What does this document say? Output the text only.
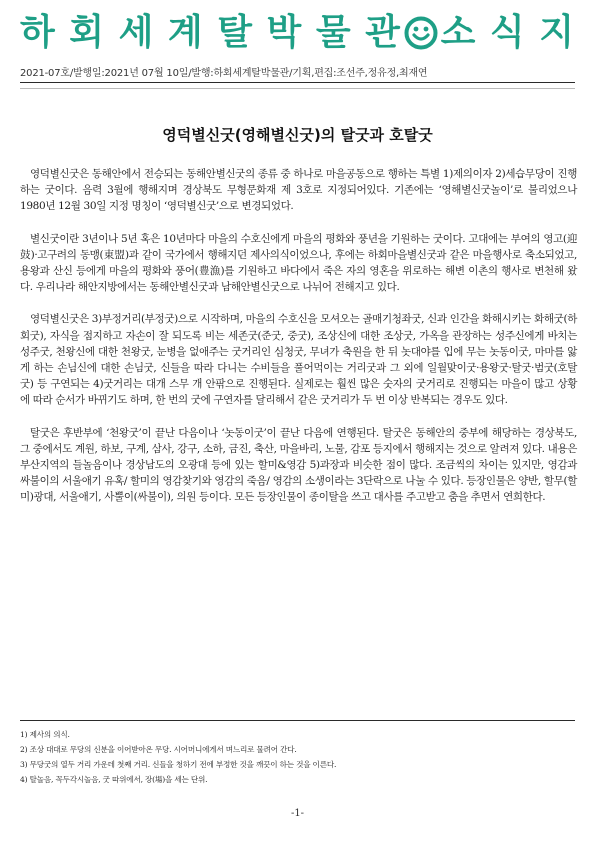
하 회 세 계 탈 박 물 관 소 식 지
2021-07호/발행일:2021년 07월 10일/발행:하회세계탈박물관/기획,편집:조선주,정유정,최재연
영덕별신굿(영해별신굿)의 탈굿과 호탈굿

영덕별신굿은 동해안에서 전승되는 동해안별신굿의 종류 중 하나로 마을공동으로 행하는 특별 1)제의이자 2)세습무당이 진행하는 굿이다. 음력 3월에 행해지며 경상북도 무형문화재 제 3호로 지정되어있다. 기존에는 ‘영해별신굿놀이’로 불리었으나 1980년 12월 30일 지정 명칭이 ‘영덕별신굿’으로 변경되었다.

별신굿이란 3년이나 5년 혹은 10년마다 마을의 수호신에게 마을의 평화와 풍년을 기원하는 굿이다. 고대에는 부여의 영고(迎鼓)·고구려의 동맹(東盟)과 같이 국가에서 행해지던 제사의식이었으나, 후에는 하회마을별신굿과 같은 마을행사로 축소되었고, 용왕과 산신 등에게 마을의 평화와 풍어(豊漁)를 기원하고 바다에서 죽은 자의 영혼을 위로하는 해변 이촌의 행사로 변천해 왔다. 우리나라 해안지방에서는 동해안별신굿과 남해안별신굿으로 나뉘어 전해지고 있다.

영덕별신굿은 3)부정거리(부정굿)으로 시작하며, 마을의 수호신을 모셔오는 골매기청좌굿, 신과 인간을 화해시키는 화해굿(하회굿), 자식을 점지하고 자손이 잘 되도록 비는 세존굿(준굿, 중굿), 조상신에 대한 조상굿, 가옥을 관장하는 성주신에게 바치는 성주굿, 천왕신에 대한 천왕굿, 눈병을 없애주는 굿거리인 심청굿, 무녀가 축원을 한 뒤 놋대야를 입에 무는 놋동이굿, 마마를 앓게 하는 손님신에 대한 손님굿, 신들을 따라 다니는 수비들을 풀어먹이는 거리굿과 그 외에 일월맞이굿·용왕굿·탈굿·범굿(호탈굿) 등 구연되는 4)굿거리는 대개 스무 개 안팎으로 진행된다. 실제로는 훨씬 많은 숫자의 굿거리로 진행되는 마을이 많고 상황에 따라 순서가 바뀌기도 하며, 한 번의 굿에 구연자를 달리해서 같은 굿거리가 두 번 이상 반복되는 경우도 있다.

탈굿은 후반부에 ‘천왕굿’이 끝난 다음이나 ‘놋동이굿’이 끝난 다음에 연행된다. 탈굿은 동해안의 중부에 해당하는 경상북도, 그 중에서도 계원, 하보, 구계, 삼사, 강구, 소하, 금진, 축산, 마을바리, 노물, 감포 등지에서 행해지는 것으로 알려져 있다. 내용은 부산지역의 들놀음이나 경상남도의 오광대 등에 있는 할미&영감 5)과장과 비슷한 점이 많다. 조금씩의 차이는 있지만, 영감과 싸불이의 서울애기 유혹/ 할미의 영감찾기와 영감의 죽음/ 영감의 소생이라는 3단락으로 나눌 수 있다. 등장인물은 양반, 할무(할미)광대, 서울애기, 사뿔이(싸불이), 의원 등이다. 모든 등장인물이 종이탈을 쓰고 대사를 주고받고 춤을 추면서 연희한다.

1) 제사의 의식.
2) 조상 대대로 무당의 신분을 이어받아온 무당. 시어머니에게서 며느리로 물려어 간다.
3) 무당굿의 열두 거리 가운데 첫째 거리. 신들을 청하기 전에 부정한 것을 깨끗이 하는 것을 이른다.
4) 탈놀음, 꼭두각시놀음, 굿 따위에서, 장(場)을 세는 단위.
-1-
